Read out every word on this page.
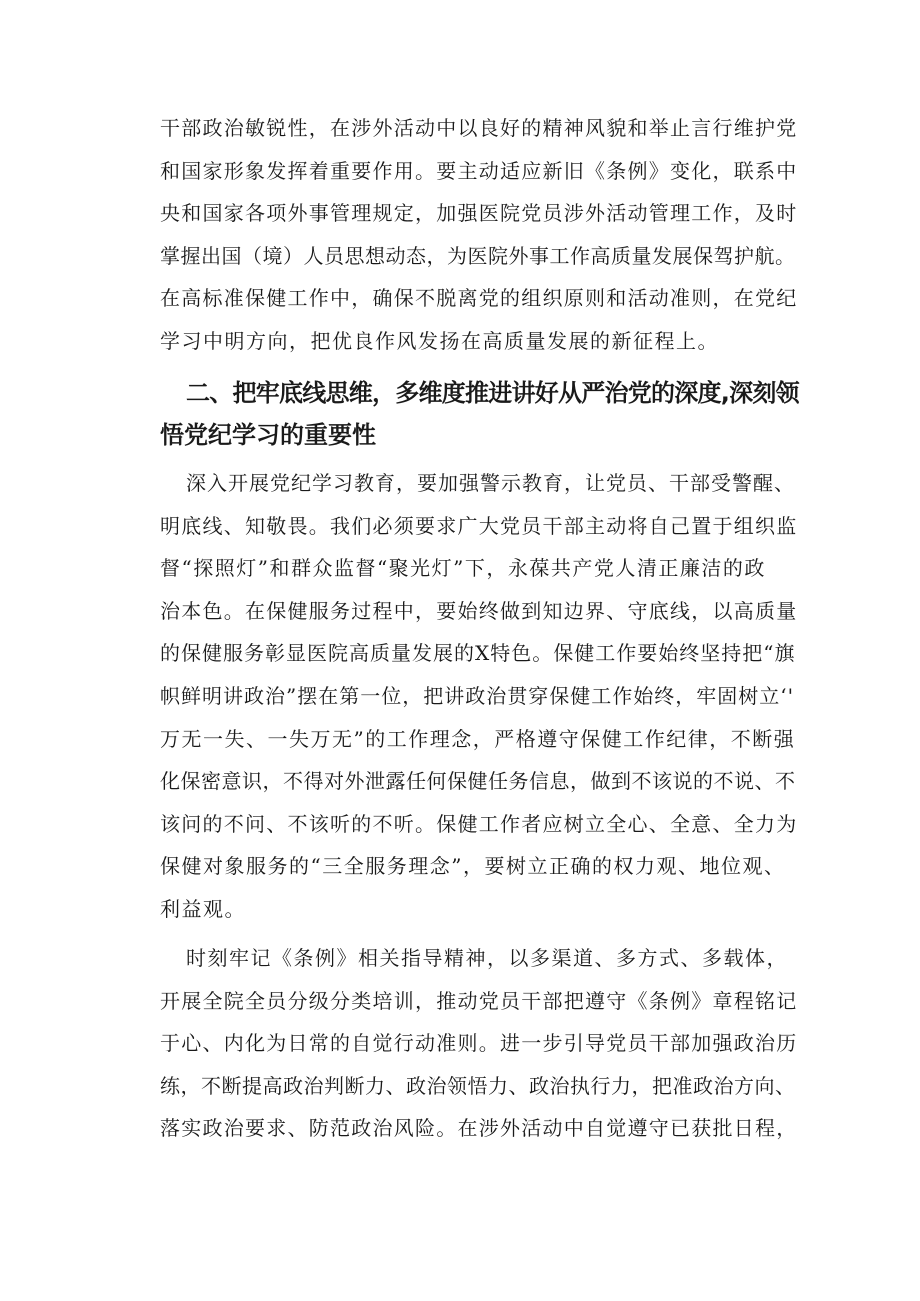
干部政治敏锐性，在涉外活动中以良好的精神风貌和举止言行维护党
和国家形象发挥着重要作用。要主动适应新旧《条例》变化，联系中
央和国家各项外事管理规定，加强医院党员涉外活动管理工作，及时
掌握出国（境）人员思想动态，为医院外事工作高质量发展保驾护航。
在高标准保健工作中，确保不脱离党的组织原则和活动准则，在党纪
学习中明方向，把优良作风发扬在高质量发展的新征程上。
二、把牢底线思维，多维度推进讲好从严治党的深度,深刻领
悟党纪学习的重要性
深入开展党纪学习教育，要加强警示教育，让党员、干部受警醒、
明底线、知敬畏。我们必须要求广大党员干部主动将自己置于组织监
督“探照灯”和群众监督“聚光灯”下，永葆共产党人清正廉洁的政
治本色。在保健服务过程中，要始终做到知边界、守底线，以高质量
的保健服务彰显医院高质量发展的X特色。保健工作要始终坚持把“旗
帜鲜明讲政治”摆在第一位，把讲政治贯穿保健工作始终，牢固树立‘'
万无一失、一失万无”的工作理念，严格遵守保健工作纪律，不断强
化保密意识，不得对外泄露任何保健任务信息，做到不该说的不说、不
该问的不问、不该听的不听。保健工作者应树立全心、全意、全力为
保健对象服务的“三全服务理念”，要树立正确的权力观、地位观、
利益观。
时刻牢记《条例》相关指导精神，以多渠道、多方式、多载体，
开展全院全员分级分类培训，推动党员干部把遵守《条例》章程铭记
于心、内化为日常的自觉行动准则。进一步引导党员干部加强政治历
练，不断提高政治判断力、政治领悟力、政治执行力，把准政治方向、
落实政治要求、防范政治风险。在涉外活动中自觉遵守已获批日程，
